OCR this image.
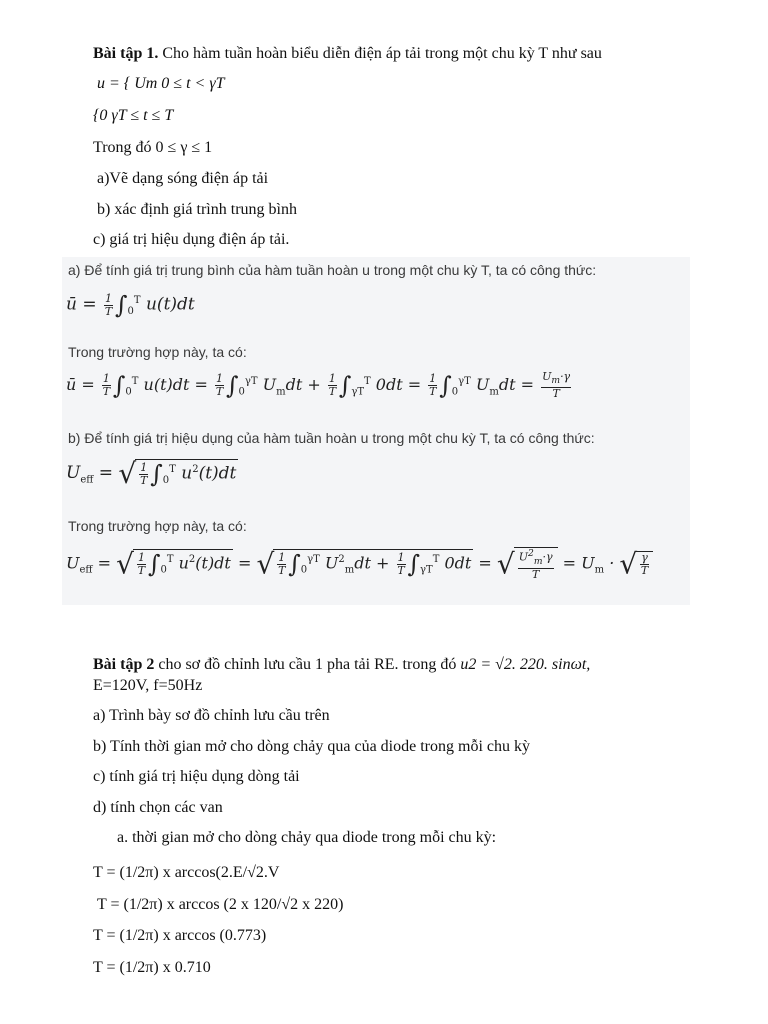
Bài tập 1. Cho hàm tuần hoàn biểu diễn điện áp tải trong một chu kỳ T như sau
u = { Um 0 ≤ t < γT
{0 γT ≤ t ≤ T
Trong đó 0 ≤ γ ≤ 1
a)Vẽ dạng sóng điện áp tải
b) xác định giá trình trung bình
c) giá trị hiệu dụng điện áp tải.
a) Để tính giá trị trung bình của hàm tuần hoàn u trong một chu kỳ T, ta có công thức:
ū = $\frac{1}{T} \int_0^T$ u(t)dt
Trong trường hợp này, ta có:
ū = $\frac{1}{T} \int_0^T$ $u(t)dt = \frac{1}{T} \int_0^{\gamma T}$ $U_mdt + \frac{1}{T} \int_{\gamma T}^T$ $0dt = \frac{1}{T} \int_0^{\gamma T}$ $U_mdt = \frac{U_m\cdot\gamma}{T}$
b) Để tính giá trị hiệu dụng của hàm tuần hoàn u trong một chu kỳ T, ta có công thức:
$U_{eff}$ = √ $\frac{1}{T} \int_0^T$ $u^2(t)dt$
Trong trường hợp này, ta có:
$U_{eff}$ = √ $\frac{1}{T} \int_0^T$ $u^2(t)dt$ = √ $\frac{1}{T} \int_0^{\gamma T}$ $U^2_mdt + \frac{1}{T} \int_{\gamma T}^T$ 0dt = √ $\frac{U^2_m\cdot\gamma}{T} = U_m$ · √ $\frac{\gamma}{T}$
Bài tập 2 cho sơ đồ chỉnh lưu cầu 1 pha tải RE. trong đó u2 = √2. 220. sinωt,
E=120V, f=50Hz
a) Trình bày sơ đồ chỉnh lưu cầu trên
b) Tính thời gian mở cho dòng chảy qua của diode trong mỗi chu kỳ
c) tính giá trị hiệu dụng dòng tải
d) tính chọn các van
a. thời gian mở cho dòng chảy qua diode trong mỗi chu kỳ:
T = (1/2π) x arccos(2.E/√2.V
T = (1/2π) x arccos (2 x 120/√2 x 220)
T = (1/2π) x arccos (0.773)
T = (1/2π) x 0.710
